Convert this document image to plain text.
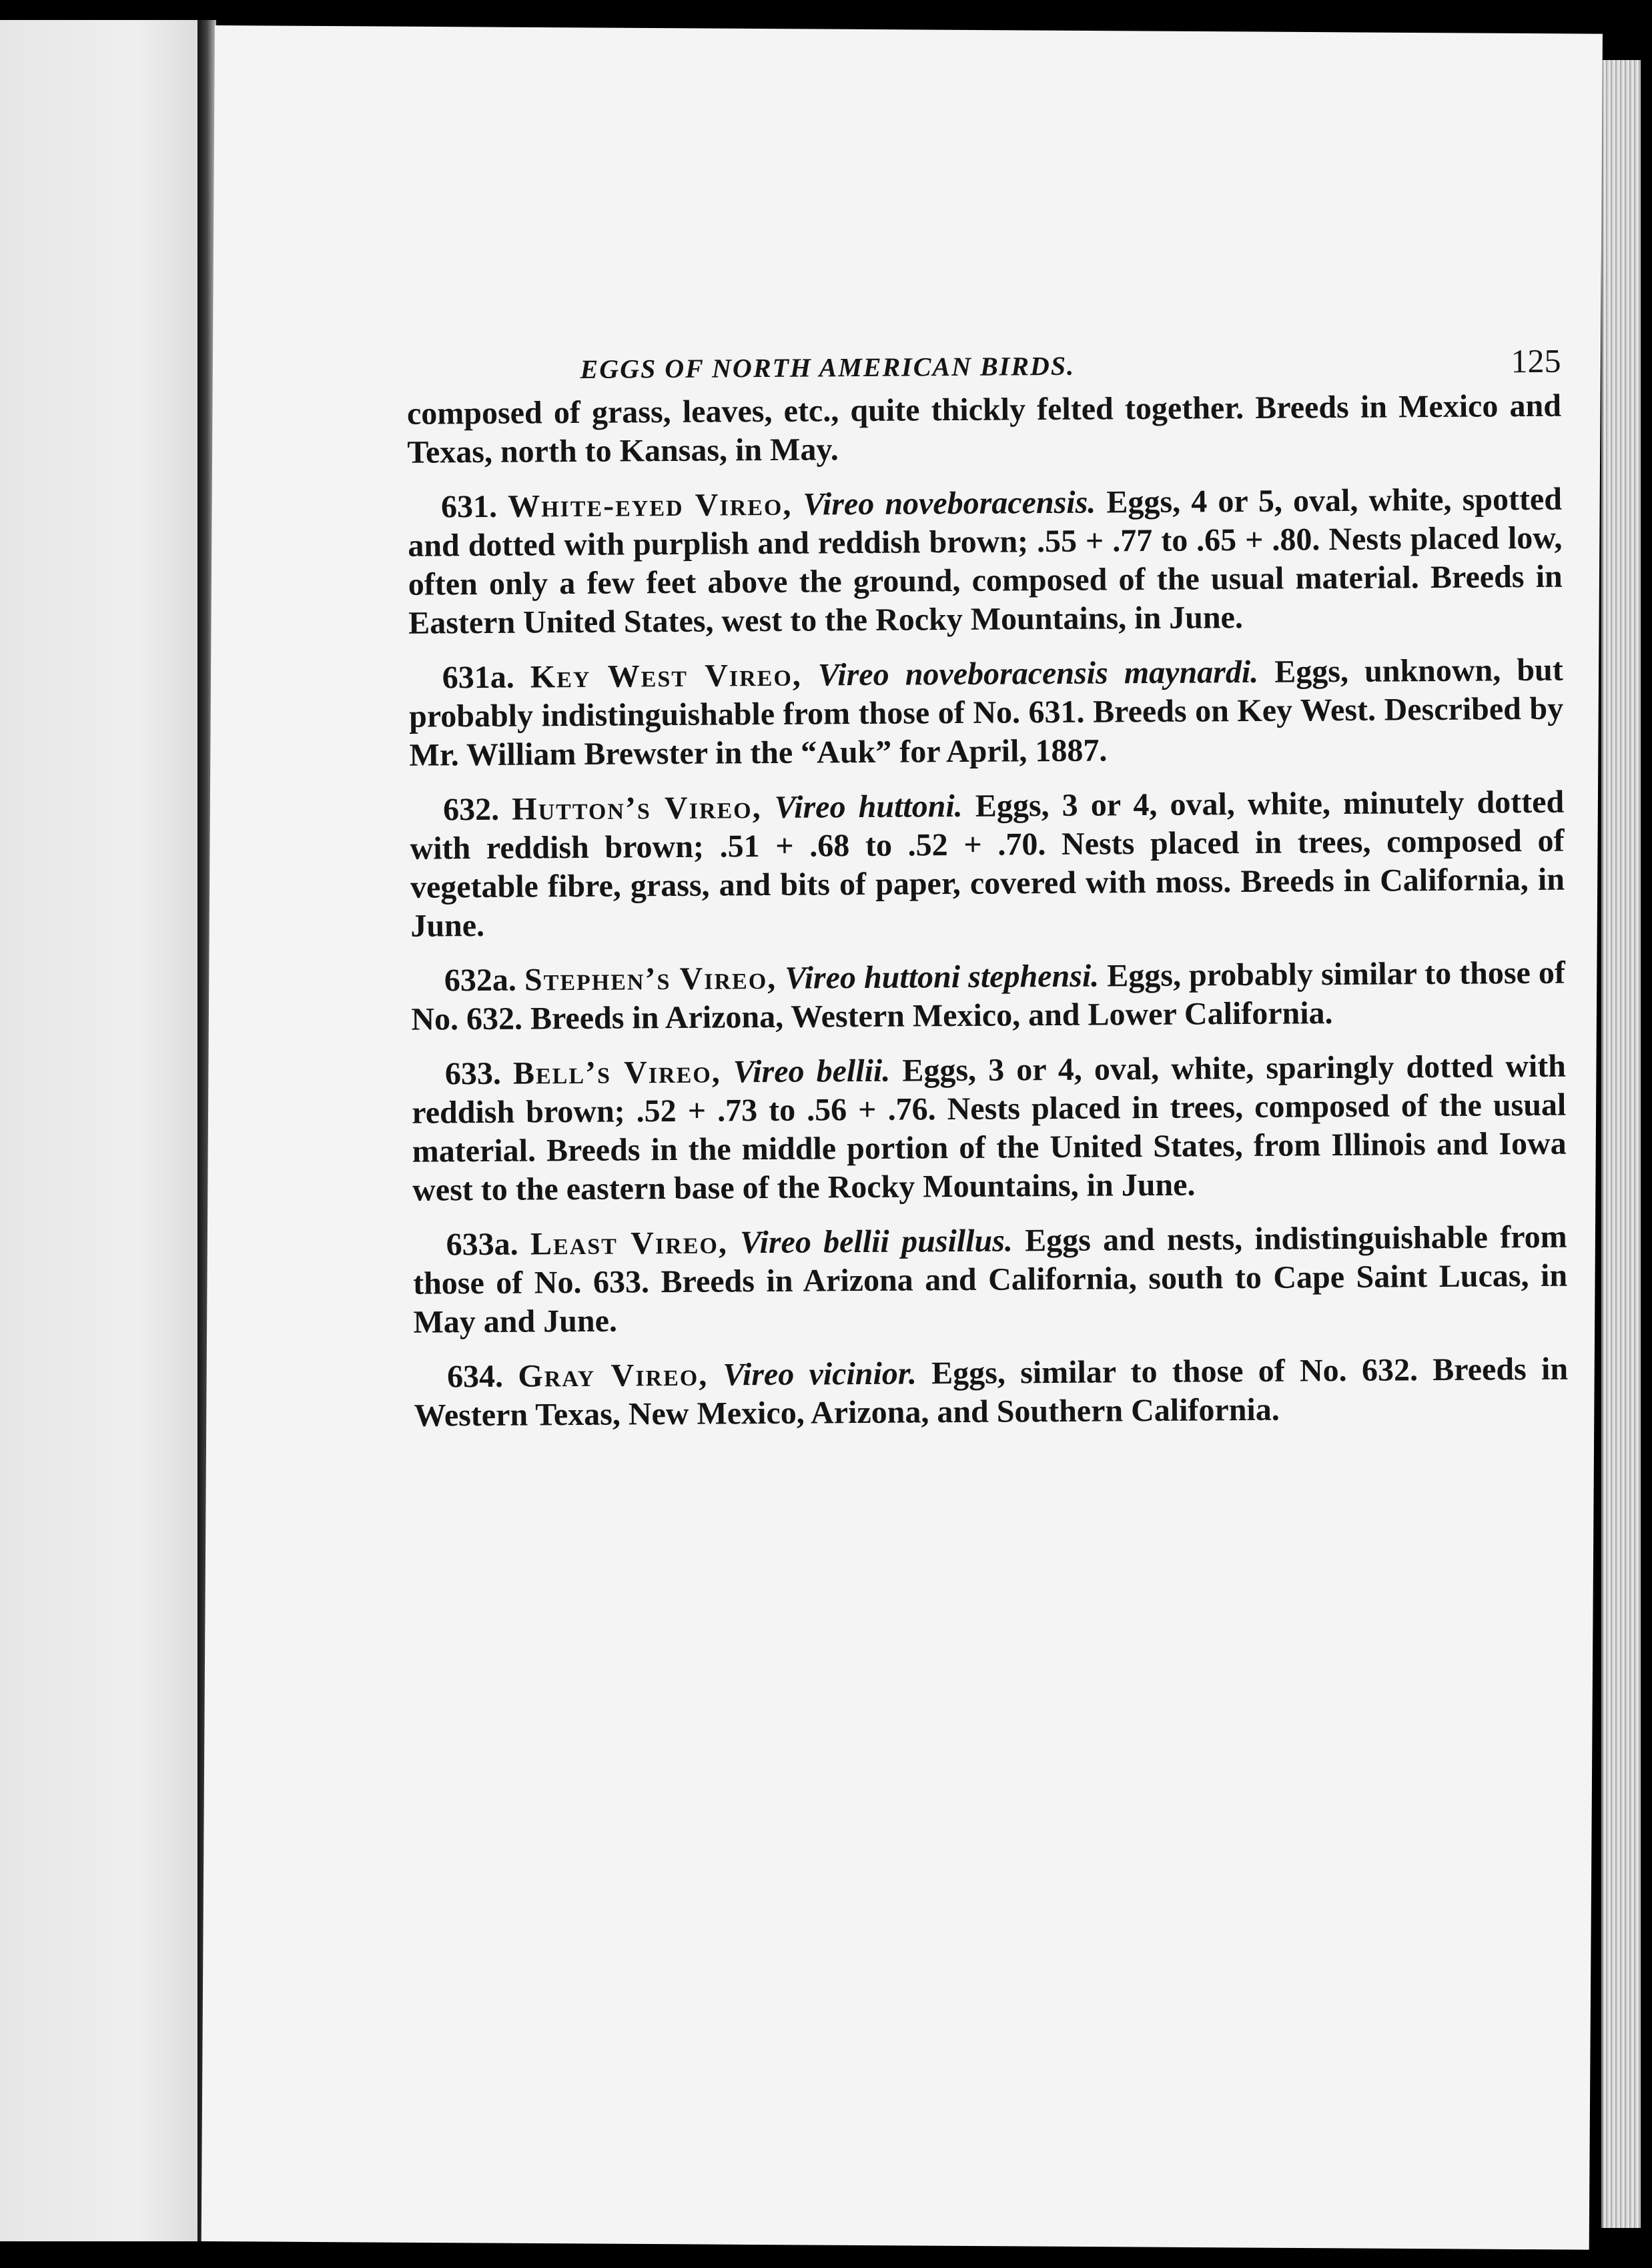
EGGS OF NORTH AMERICAN BIRDS.	125

composed of grass, leaves, etc., quite thickly felted together. Breeds in Mexico and Texas, north to Kansas, in May.

631. White-eyed Vireo, Vireo noveboracensis. Eggs, 4 or 5, oval, white, spotted and dotted with purplish and reddish brown; .55 + .77 to .65 + .80. Nests placed low, often only a few feet above the ground, composed of the usual material. Breeds in Eastern United States, west to the Rocky Mountains, in June.

631a. Key West Vireo, Vireo noveboracensis maynardi. Eggs, unknown, but probably indistinguishable from those of No. 631. Breeds on Key West. Described by Mr. William Brewster in the “Auk” for April, 1887.

632. Hutton’s Vireo, Vireo huttoni. Eggs, 3 or 4, oval, white, minutely dotted with reddish brown; .51 + .68 to .52 + .70. Nests placed in trees, composed of vegetable fibre, grass, and bits of paper, covered with moss. Breeds in California, in June.

632a. Stephen’s Vireo, Vireo huttoni stephensi. Eggs, probably similar to those of No. 632. Breeds in Arizona, Western Mexico, and Lower California.

633. Bell’s Vireo, Vireo bellii. Eggs, 3 or 4, oval, white, sparingly dotted with reddish brown; .52 + .73 to .56 + .76. Nests placed in trees, composed of the usual material. Breeds in the middle portion of the United States, from Illinois and Iowa west to the eastern base of the Rocky Mountains, in June.

633a. Least Vireo, Vireo bellii pusillus. Eggs and nests, indistinguishable from those of No. 633. Breeds in Arizona and California, south to Cape Saint Lucas, in May and June.

634. Gray Vireo, Vireo vicinior. Eggs, similar to those of No. 632. Breeds in Western Texas, New Mexico, Arizona, and Southern California.
